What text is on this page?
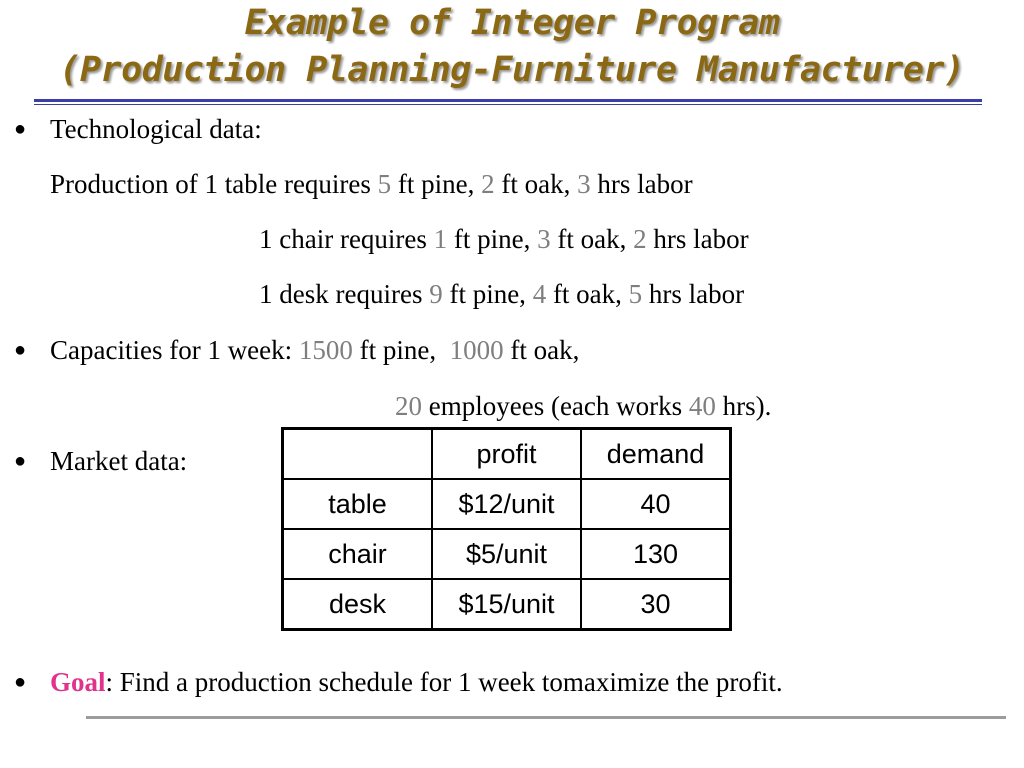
Example of Integer Program
(Production Planning-Furniture Manufacturer)
● Technological data:
Production of 1 table requires 5 ft pine, 2 ft oak, 3 hrs labor
1 chair requires 1 ft pine, 3 ft oak, 2 hrs labor
1 desk requires 9 ft pine, 4 ft oak, 5 hrs labor
● Capacities for 1 week: 1500 ft pine,  1000 ft oak,
20 employees (each works 40 hrs).
● Market data:
		profit	demand
table	$12/unit	40
chair	$5/unit	130
desk	$15/unit	30
● Goal: Find a production schedule for 1 week tomaximize the profit.
